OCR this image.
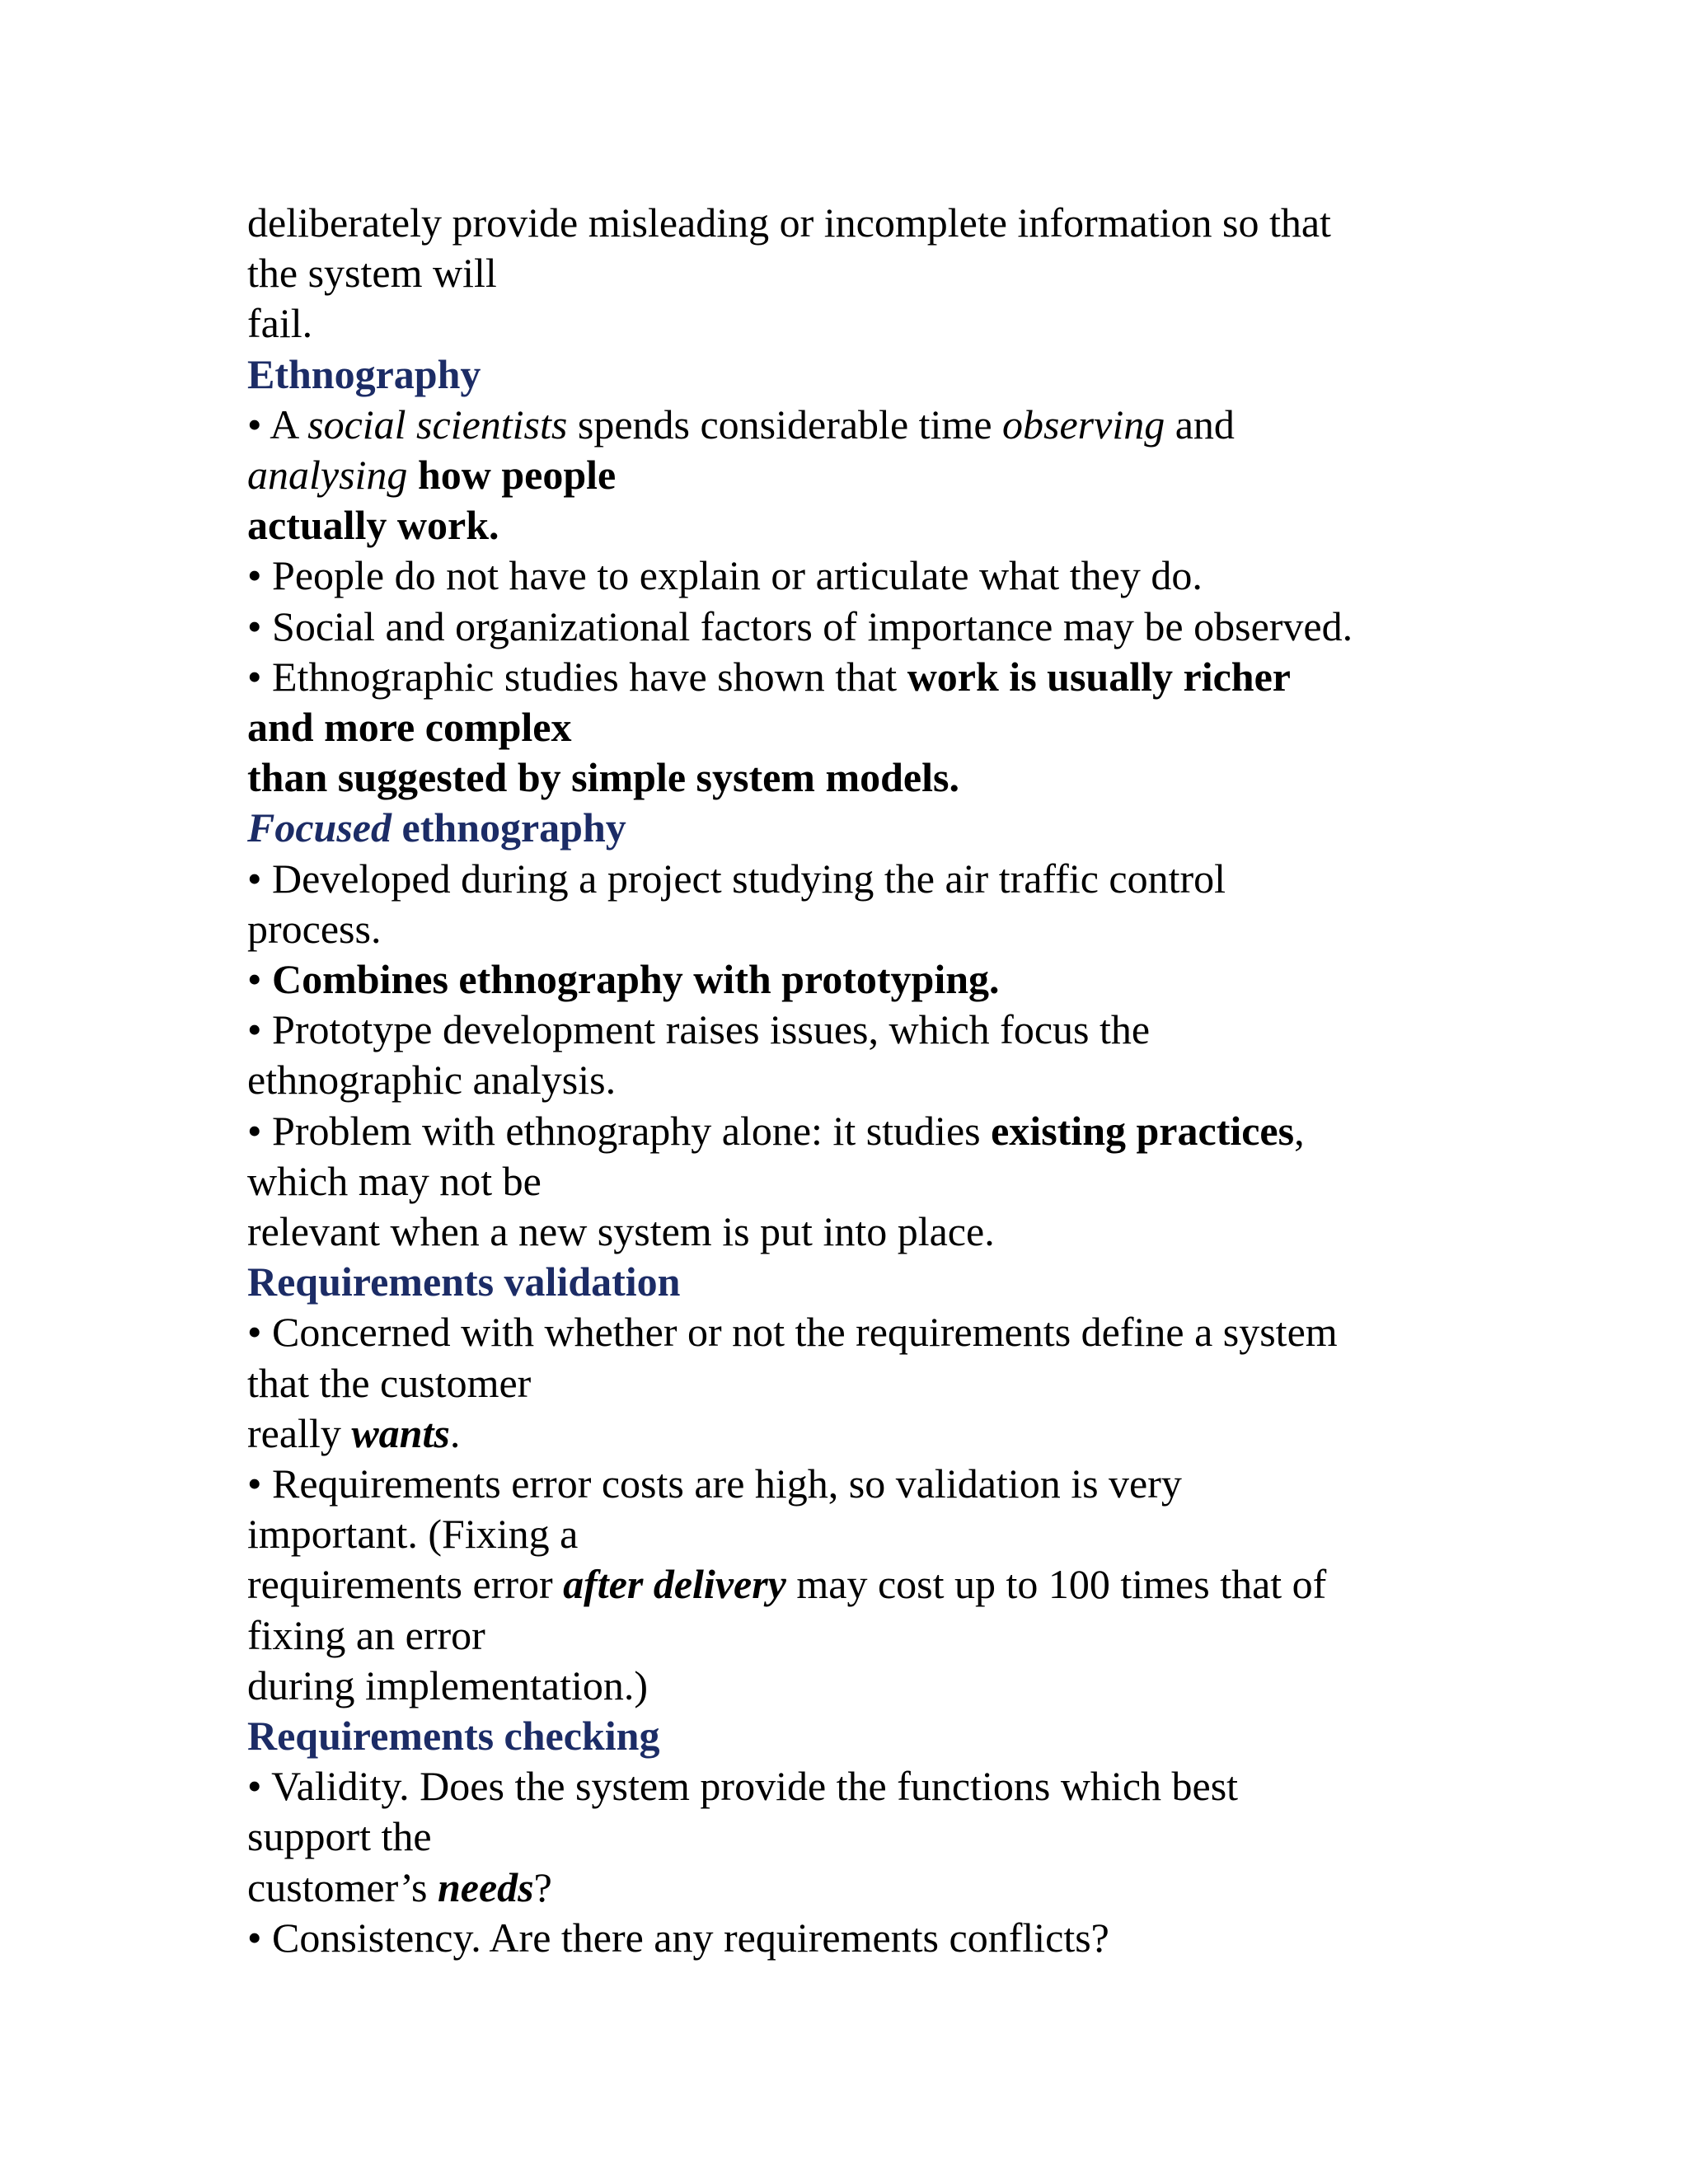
deliberately provide misleading or incomplete information so that
the system will
fail.
Ethnography
• A social scientists spends considerable time observing and
analysing how people
actually work.
• People do not have to explain or articulate what they do.
• Social and organizational factors of importance may be observed.
• Ethnographic studies have shown that work is usually richer
and more complex
than suggested by simple system models.
Focused ethnography
• Developed during a project studying the air traffic control
process.
• Combines ethnography with prototyping.
• Prototype development raises issues, which focus the
ethnographic analysis.
• Problem with ethnography alone: it studies existing practices,
which may not be
relevant when a new system is put into place.
Requirements validation
• Concerned with whether or not the requirements define a system
that the customer
really wants.
• Requirements error costs are high, so validation is very
important. (Fixing a
requirements error after delivery may cost up to 100 times that of
fixing an error
during implementation.)
Requirements checking
• Validity. Does the system provide the functions which best
support the
customer’s needs?
• Consistency. Are there any requirements conflicts?
